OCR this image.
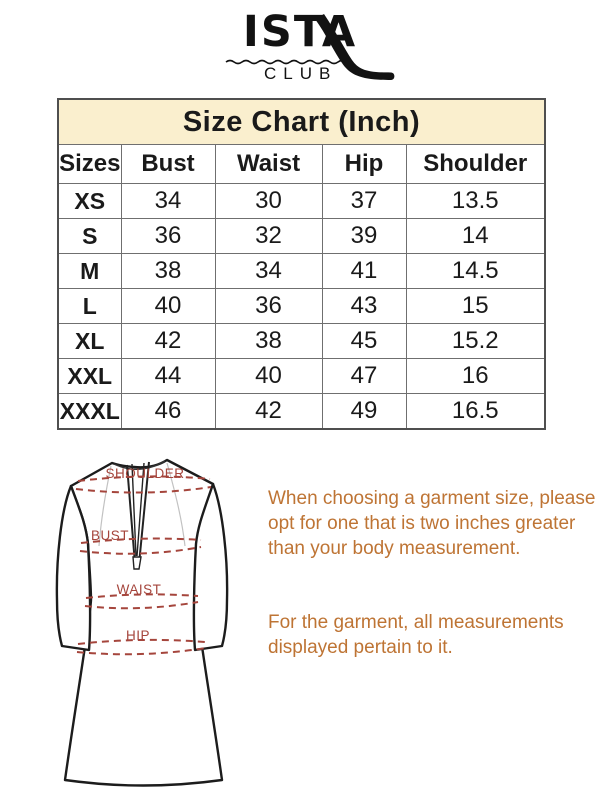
ISTA
CLUB
Size Chart (Inch)				
Sizes	Bust	Waist	Hip	Shoulder
XS	34	30	37	13.5
S	36	32	39	14
M	38	34	41	14.5
L	40	36	43	15
XL	42	38	45	15.2
XXL	44	40	47	16
XXXL	46	42	49	16.5
SHOULDER
BUST
WAIST
HIP
When choosing a garment size, please
opt for one that is two inches greater
than your body measurement.
For the garment, all measurements
displayed pertain to it.
